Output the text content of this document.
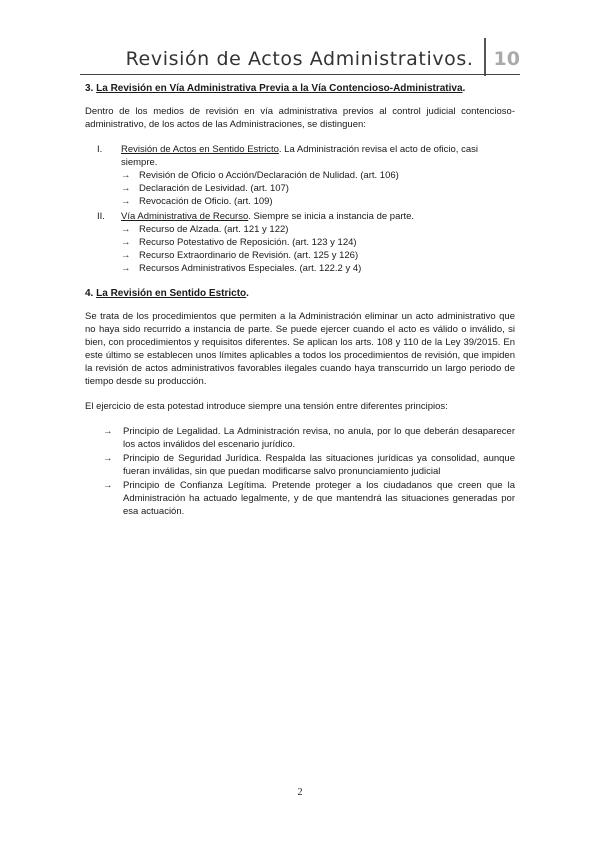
Revisión de Actos Administrativos.	10
3. La Revisión en Vía Administrativa Previa a la Vía Contencioso-Administrativa.

Dentro de los medios de revisión en vía administrativa previos al control judicial contencioso-administrativo, de los actos de las Administraciones, se distinguen:

I. Revisión de Actos en Sentido Estricto. La Administración revisa el acto de oficio, casi siempre.
→ Revisión de Oficio o Acción/Declaración de Nulidad. (art. 106)
→ Declaración de Lesividad. (art. 107)
→ Revocación de Oficio. (art. 109)
II. Vía Administrativa de Recurso. Siempre se inicia a instancia de parte.
→ Recurso de Alzada. (art. 121 y 122)
→ Recurso Potestativo de Reposición. (art. 123 y 124)
→ Recurso Extraordinario de Revisión. (art. 125 y 126)
→ Recursos Administrativos Especiales. (art. 122.2 y 4)
4. La Revisión en Sentido Estricto.

Se trata de los procedimientos que permiten a la Administración eliminar un acto administrativo que no haya sido recurrido a instancia de parte. Se puede ejercer cuando el acto es válido o inválido, si bien, con procedimientos y requisitos diferentes. Se aplican los arts. 108 y 110 de la Ley 39/2015. En este último se establecen unos límites aplicables a todos los procedimientos de revisión, que impiden la revisión de actos administrativos favorables ilegales cuando haya transcurrido un largo periodo de tiempo desde su producción.

El ejercicio de esta potestad introduce siempre una tensión entre diferentes principios:

→ Principio de Legalidad. La Administración revisa, no anula, por lo que deberán desaparecer los actos inválidos del escenario jurídico.
→ Principio de Seguridad Jurídica. Respalda las situaciones jurídicas ya consolidad, aunque fueran inválidas, sin que puedan modificarse salvo pronunciamiento judicial
→ Principio de Confianza Legítima. Pretende proteger a los ciudadanos que creen que la Administración ha actuado legalmente, y de que mantendrá las situaciones generadas por esa actuación.
2
